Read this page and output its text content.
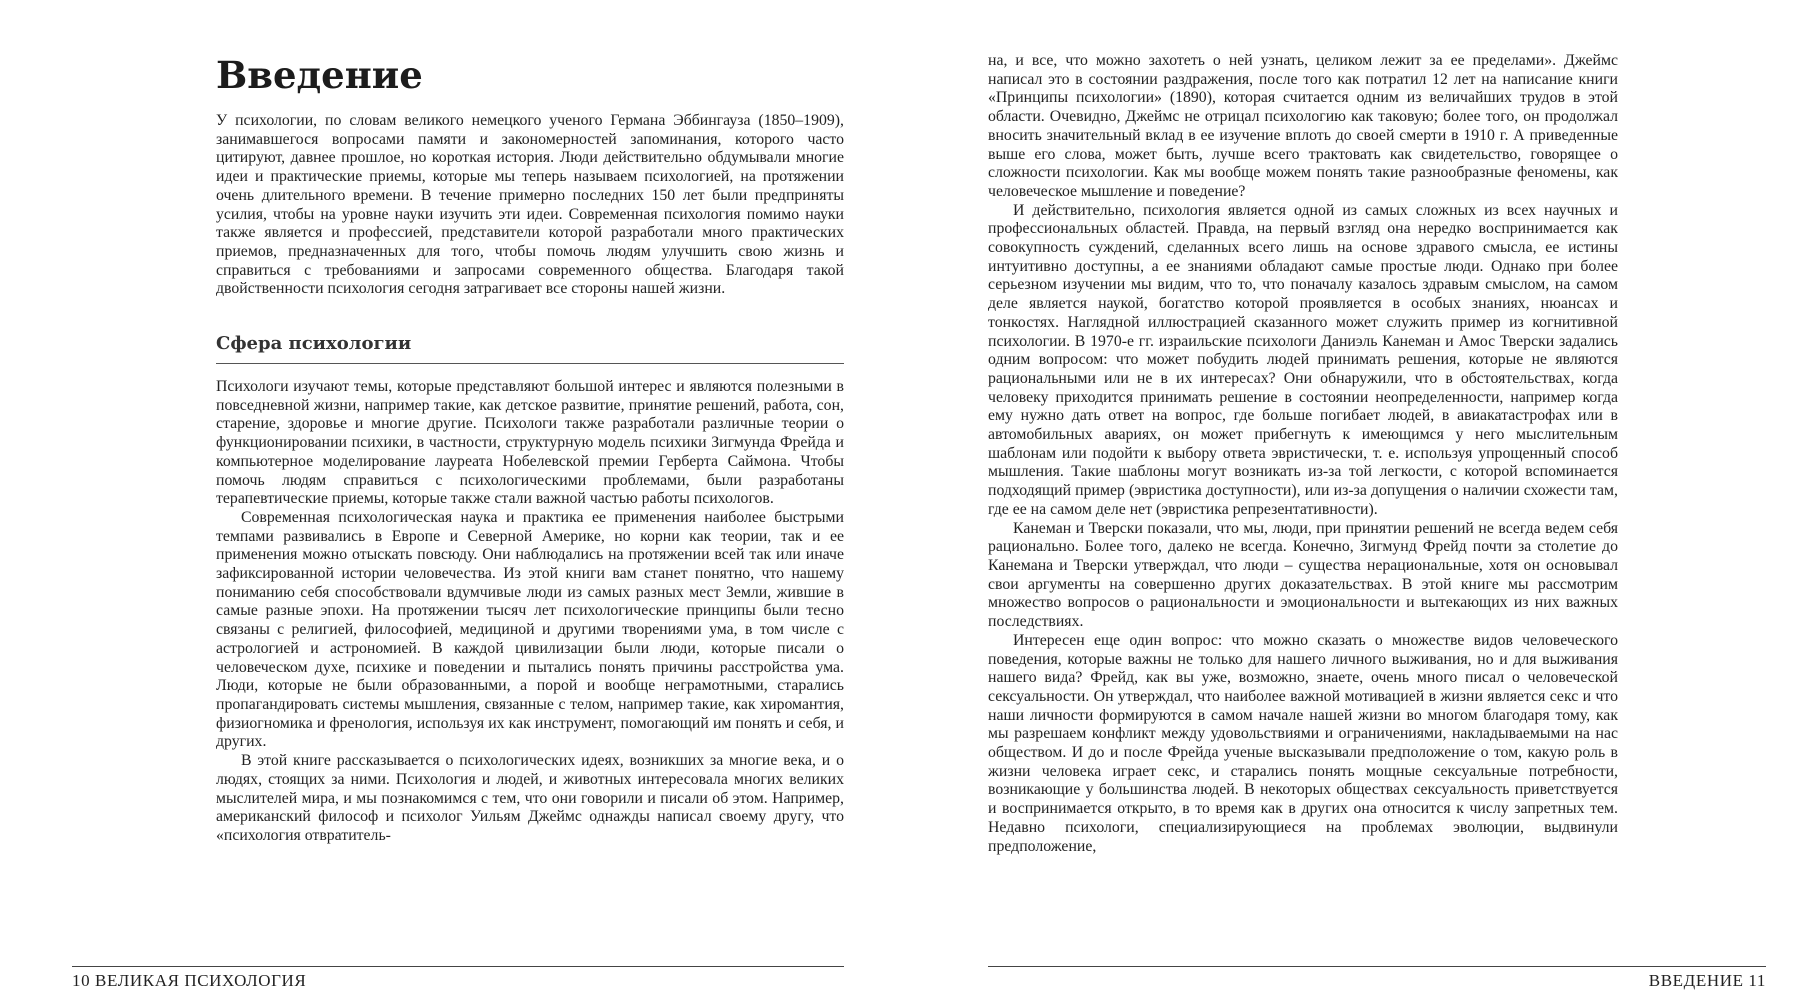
Введение

У психологии, по словам великого немецкого ученого Германа Эббингауза (1850–1909), занимавшегося вопросами памяти и закономерностей запоминания, которого часто цитируют, давнее прошлое, но короткая история. Люди действительно обдумывали многие идеи и практические приемы, которые мы теперь называем психологией, на протяжении очень длительного времени. В течение примерно последних 150 лет были предприняты усилия, чтобы на уровне науки изучить эти идеи. Современная психология помимо науки также является и профессией, представители которой разработали много практических приемов, предназначенных для того, чтобы помочь людям улучшить свою жизнь и справиться с требованиями и запросами современного общества. Благодаря такой двойственности психология сегодня затрагивает все стороны нашей жизни.

Сфера психологии

Психологи изучают темы, которые представляют большой интерес и являются полезными в повседневной жизни, например такие, как детское развитие, принятие решений, работа, сон, старение, здоровье и многие другие. Психологи также разработали различные теории о функционировании психики, в частности, структурную модель психики Зигмунда Фрейда и компьютерное моделирование лауреата Нобелевской премии Герберта Саймона. Чтобы помочь людям справиться с психологическими проблемами, были разработаны терапевтические приемы, которые также стали важной частью работы психологов.

Современная психологическая наука и практика ее применения наиболее быстрыми темпами развивались в Европе и Северной Америке, но корни как теории, так и ее применения можно отыскать повсюду. Они наблюдались на протяжении всей так или иначе зафиксированной истории человечества. Из этой книги вам станет понятно, что нашему пониманию себя способствовали вдумчивые люди из самых разных мест Земли, жившие в самые разные эпохи. На протяжении тысяч лет психологические принципы были тесно связаны с религией, философией, медициной и другими творениями ума, в том числе с астрологией и астрономией. В каждой цивилизации были люди, которые писали о человеческом духе, психике и поведении и пытались понять причины расстройства ума. Люди, которые не были образованными, а порой и вообще неграмотными, старались пропагандировать системы мышления, связанные с телом, например такие, как хиромантия, физиогномика и френология, используя их как инструмент, помогающий им понять и себя, и других.

В этой книге рассказывается о психологических идеях, возникших за многие века, и о людях, стоящих за ними. Психология и людей, и животных интересовала многих великих мыслителей мира, и мы познакомимся с тем, что они говорили и писали об этом. Например, американский философ и психолог Уильям Джеймс однажды написал своему другу, что «психология отвратитель-

10 ВЕЛИКАЯ ПСИХОЛОГИЯ

на, и все, что можно захотеть о ней узнать, целиком лежит за ее пределами». Джеймс написал это в состоянии раздражения, после того как потратил 12 лет на написание книги «Принципы психологии» (1890), которая считается одним из величайших трудов в этой области. Очевидно, Джеймс не отрицал психологию как таковую; более того, он продолжал вносить значительный вклад в ее изучение вплоть до своей смерти в 1910 г. А приведенные выше его слова, может быть, лучше всего трактовать как свидетельство, говорящее о сложности психологии. Как мы вообще можем понять такие разнообразные феномены, как человеческое мышление и поведение?

И действительно, психология является одной из самых сложных из всех научных и профессиональных областей. Правда, на первый взгляд она нередко воспринимается как совокупность суждений, сделанных всего лишь на основе здравого смысла, ее истины интуитивно доступны, а ее знаниями обладают самые простые люди. Однако при более серьезном изучении мы видим, что то, что поначалу казалось здравым смыслом, на самом деле является наукой, богатство которой проявляется в особых знаниях, нюансах и тонкостях. Наглядной иллюстрацией сказанного может служить пример из когнитивной психологии. В 1970-е гг. израильские психологи Даниэль Канеман и Амос Тверски задались одним вопросом: что может побудить людей принимать решения, которые не являются рациональными или не в их интересах? Они обнаружили, что в обстоятельствах, когда человеку приходится принимать решение в состоянии неопределенности, например когда ему нужно дать ответ на вопрос, где больше погибает людей, в авиакатастрофах или в автомобильных авариях, он может прибегнуть к имеющимся у него мыслительным шаблонам или подойти к выбору ответа эвристически, т. е. используя упрощенный способ мышления. Такие шаблоны могут возникать из-за той легкости, с которой вспоминается подходящий пример (эвристика доступности), или из-за допущения о наличии схожести там, где ее на самом деле нет (эвристика репрезентативности).

Канеман и Тверски показали, что мы, люди, при принятии решений не всегда ведем себя рационально. Более того, далеко не всегда. Конечно, Зигмунд Фрейд почти за столетие до Канемана и Тверски утверждал, что люди – существа нерациональные, хотя он основывал свои аргументы на совершенно других доказательствах. В этой книге мы рассмотрим множество вопросов о рациональности и эмоциональности и вытекающих из них важных последствиях.

Интересен еще один вопрос: что можно сказать о множестве видов человеческого поведения, которые важны не только для нашего личного выживания, но и для выживания нашего вида? Фрейд, как вы уже, возможно, знаете, очень много писал о человеческой сексуальности. Он утверждал, что наиболее важной мотивацией в жизни является секс и что наши личности формируются в самом начале нашей жизни во многом благодаря тому, как мы разрешаем конфликт между удовольствиями и ограничениями, накладываемыми на нас обществом. И до и после Фрейда ученые высказывали предположение о том, какую роль в жизни человека играет секс, и старались понять мощные сексуальные потребности, возникающие у большинства людей. В некоторых обществах сексуальность приветствуется и воспринимается открыто, в то время как в других она относится к числу запретных тем. Недавно психологи, специализирующиеся на проблемах эволюции, выдвинули предположение,

ВВЕДЕНИЕ 11
